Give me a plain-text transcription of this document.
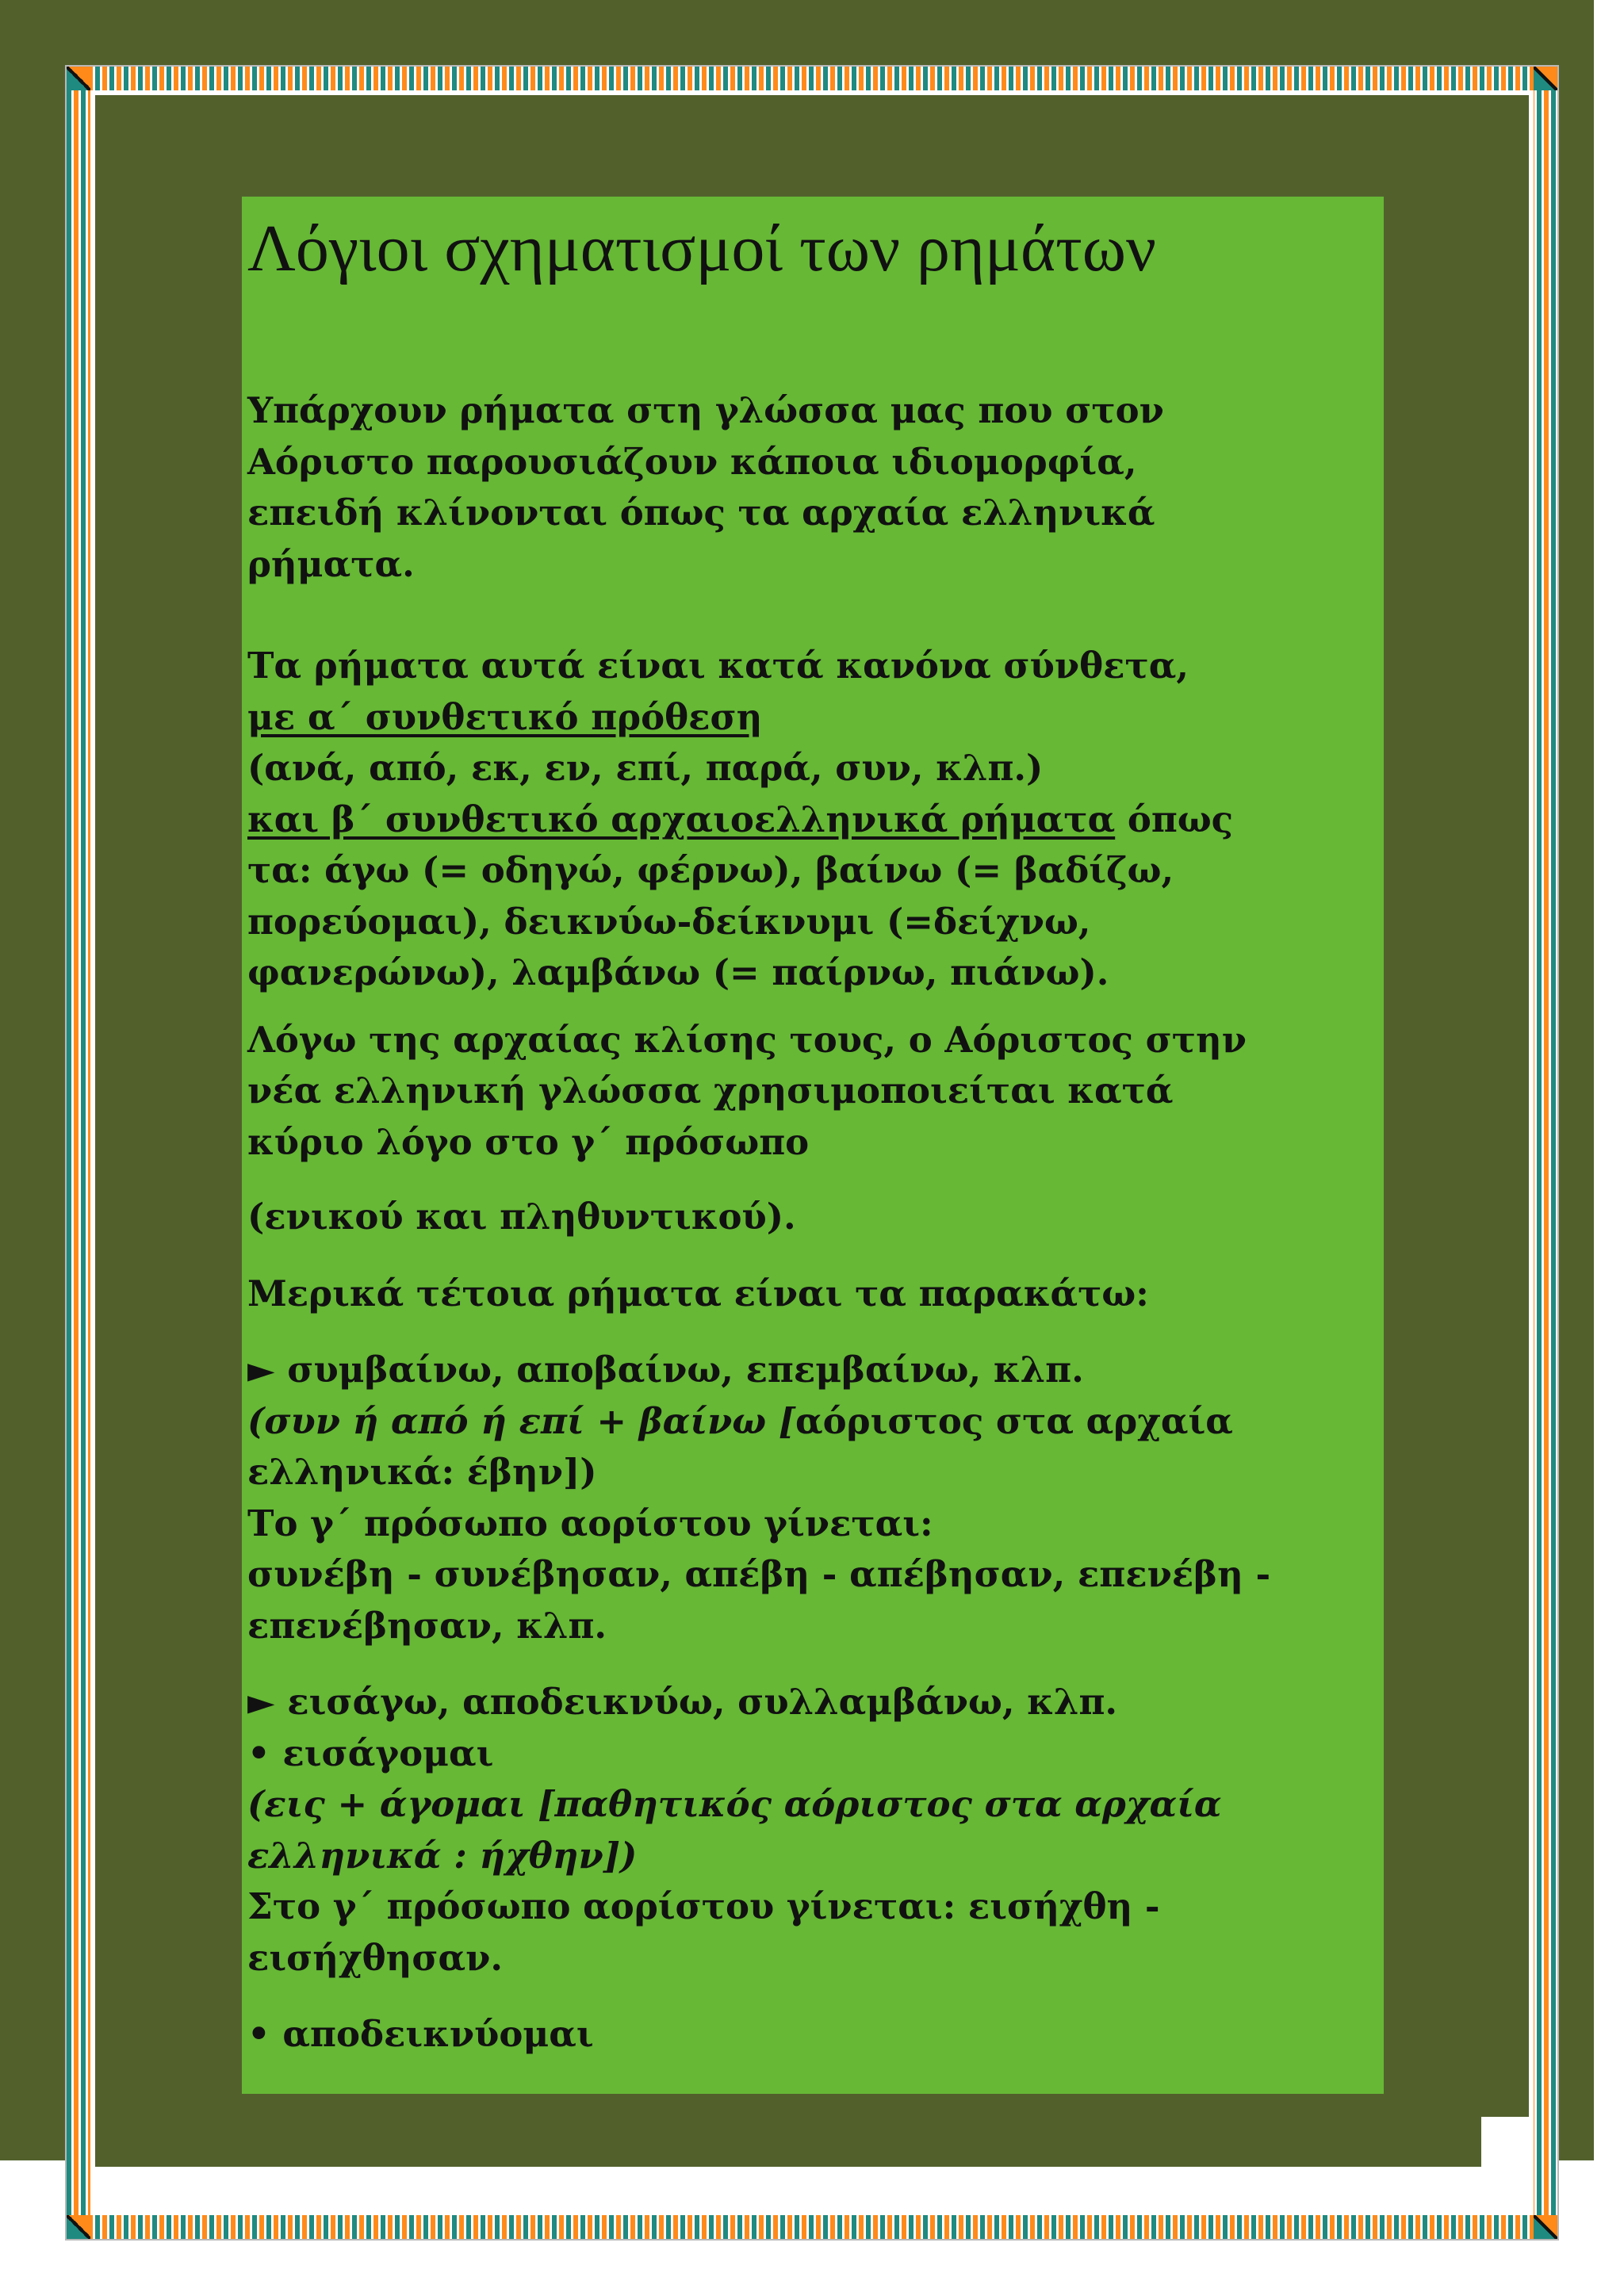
Λόγιοι σχηματισμοί των ρημάτων
Υπάρχουν ρήματα στη γλώσσα μας που στον
Αόριστο παρουσιάζουν κάποια ιδιομορφία,
επειδή κλίνονται όπως τα αρχαία ελληνικά
ρήματα.
Τα ρήματα αυτά είναι κατά κανόνα σύνθετα,
με α΄ συνθετικό πρόθεση
(ανά, από, εκ, εν, επί, παρά, συν, κλπ.)
και β΄ συνθετικό αρχαιοελληνικά ρήματα όπως
τα: άγω (= οδηγώ, φέρνω), βαίνω (= βαδίζω,
πορεύομαι), δεικνύω-δείκνυμι (=δείχνω,
φανερώνω), λαμβάνω (= παίρνω, πιάνω).
Λόγω της αρχαίας κλίσης τους, ο Αόριστος στην
νέα ελληνική γλώσσα χρησιμοποιείται κατά
κύριο λόγο στο γ΄ πρόσωπο
(ενικού και πληθυντικού).
Μερικά τέτοια ρήματα είναι τα παρακάτω:
► συμβαίνω, αποβαίνω, επεμβαίνω, κλπ.
(συν ή από ή επί + βαίνω [αόριστος στα αρχαία
ελληνικά: έβην])
Το γ΄ πρόσωπο αορίστου γίνεται:
συνέβη - συνέβησαν, απέβη - απέβησαν, επενέβη -
επενέβησαν, κλπ.
► εισάγω, αποδεικνύω, συλλαμβάνω, κλπ.
• εισάγομαι
(εις + άγομαι [παθητικός αόριστος στα αρχαία
ελληνικά : ήχθην])
Στο γ΄ πρόσωπο αορίστου γίνεται: εισήχθη -
εισήχθησαν.
• αποδεικνύομαι
